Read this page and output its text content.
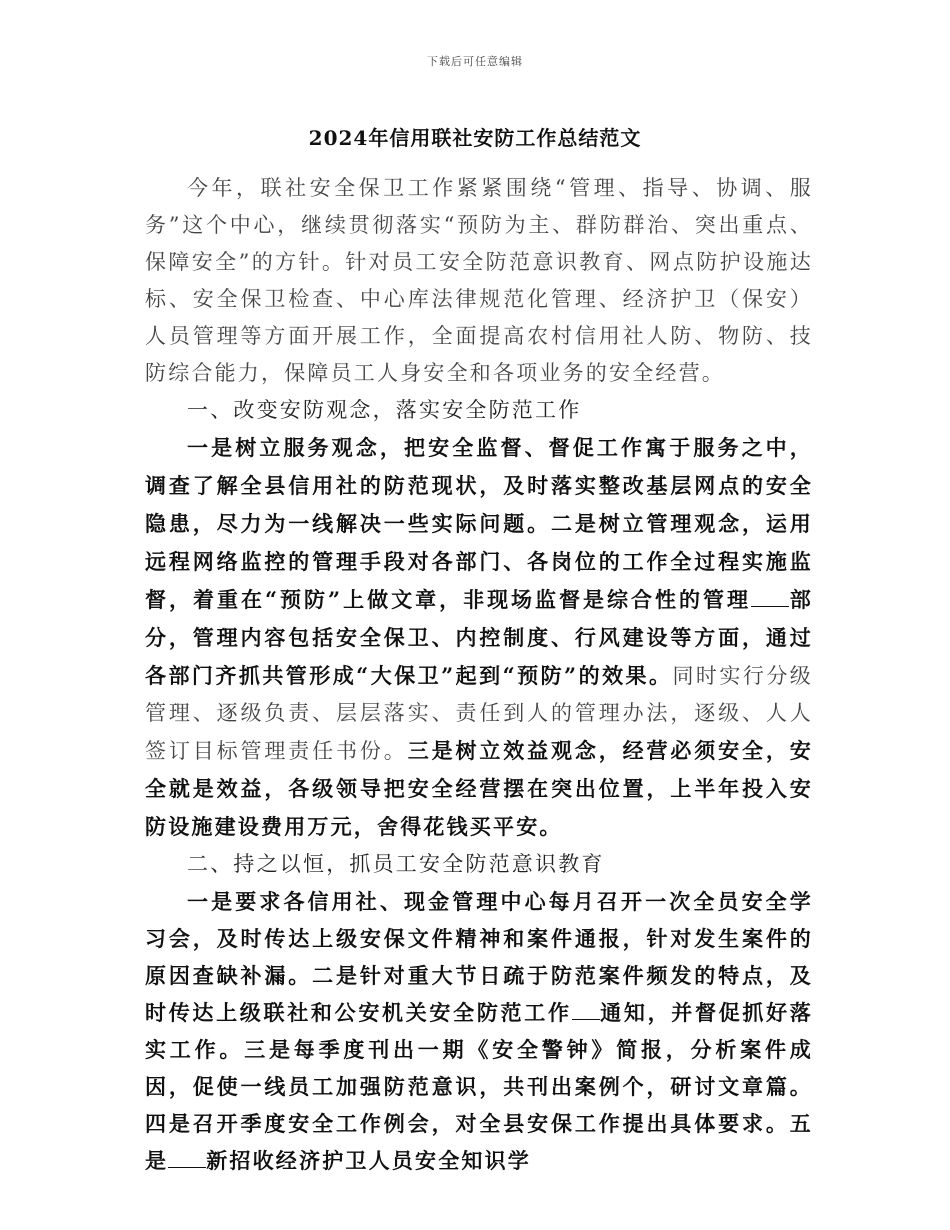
下载后可任意编辑
2024年信用联社安防工作总结范文

今年，联社安全保卫工作紧紧围绕“管理、指导、协调、服务”这个中心，继续贯彻落实“预防为主、群防群治、突出重点、保障安全”的方针。针对员工安全防范意识教育、网点防护设施达标、安全保卫检查、中心库法律规范化管理、经济护卫（保安）人员管理等方面开展工作，全面提高农村信用社人防、物防、技防综合能力，保障员工人身安全和各项业务的安全经营。

一、改变安防观念，落实安全防范工作

一是树立服务观念，把安全监督、督促工作寓于服务之中，调查了解全县信用社的防范现状，及时落实整改基层网点的安全隐患，尽力为一线解决一些实际问题。二是树立管理观念，运用远程网络监控的管理手段对各部门、各岗位的工作全过程实施监督，着重在“预防”上做文章，非现场监督是综合性的管理 部分，管理内容包括安全保卫、内控制度、行风建设等方面，通过各部门齐抓共管形成“大保卫”起到“预防”的效果。同时实行分级管理、逐级负责、层层落实、责任到人的管理办法，逐级、人人签订目标管理责任书份。三是树立效益观念，经营必须安全，安全就是效益，各级领导把安全经营摆在突出位置，上半年投入安防设施建设费用万元，舍得花钱买平安。

二、持之以恒，抓员工安全防范意识教育

一是要求各信用社、现金管理中心每月召开一次全员安全学习会，及时传达上级安保文件精神和案件通报，针对发生案件的原因查缺补漏。二是针对重大节日疏于防范案件频发的特点，及时传达上级联社和公安机关安全防范工作 通知，并督促抓好落实工作。三是每季度刊出一期《安全警钟》简报，分析案件成因，促使一线员工加强防范意识，共刊出案例个，研讨文章篇。四是召开季度安全工作例会，对全县安保工作提出具体要求。五是 新招收经济护卫人员安全知识学
